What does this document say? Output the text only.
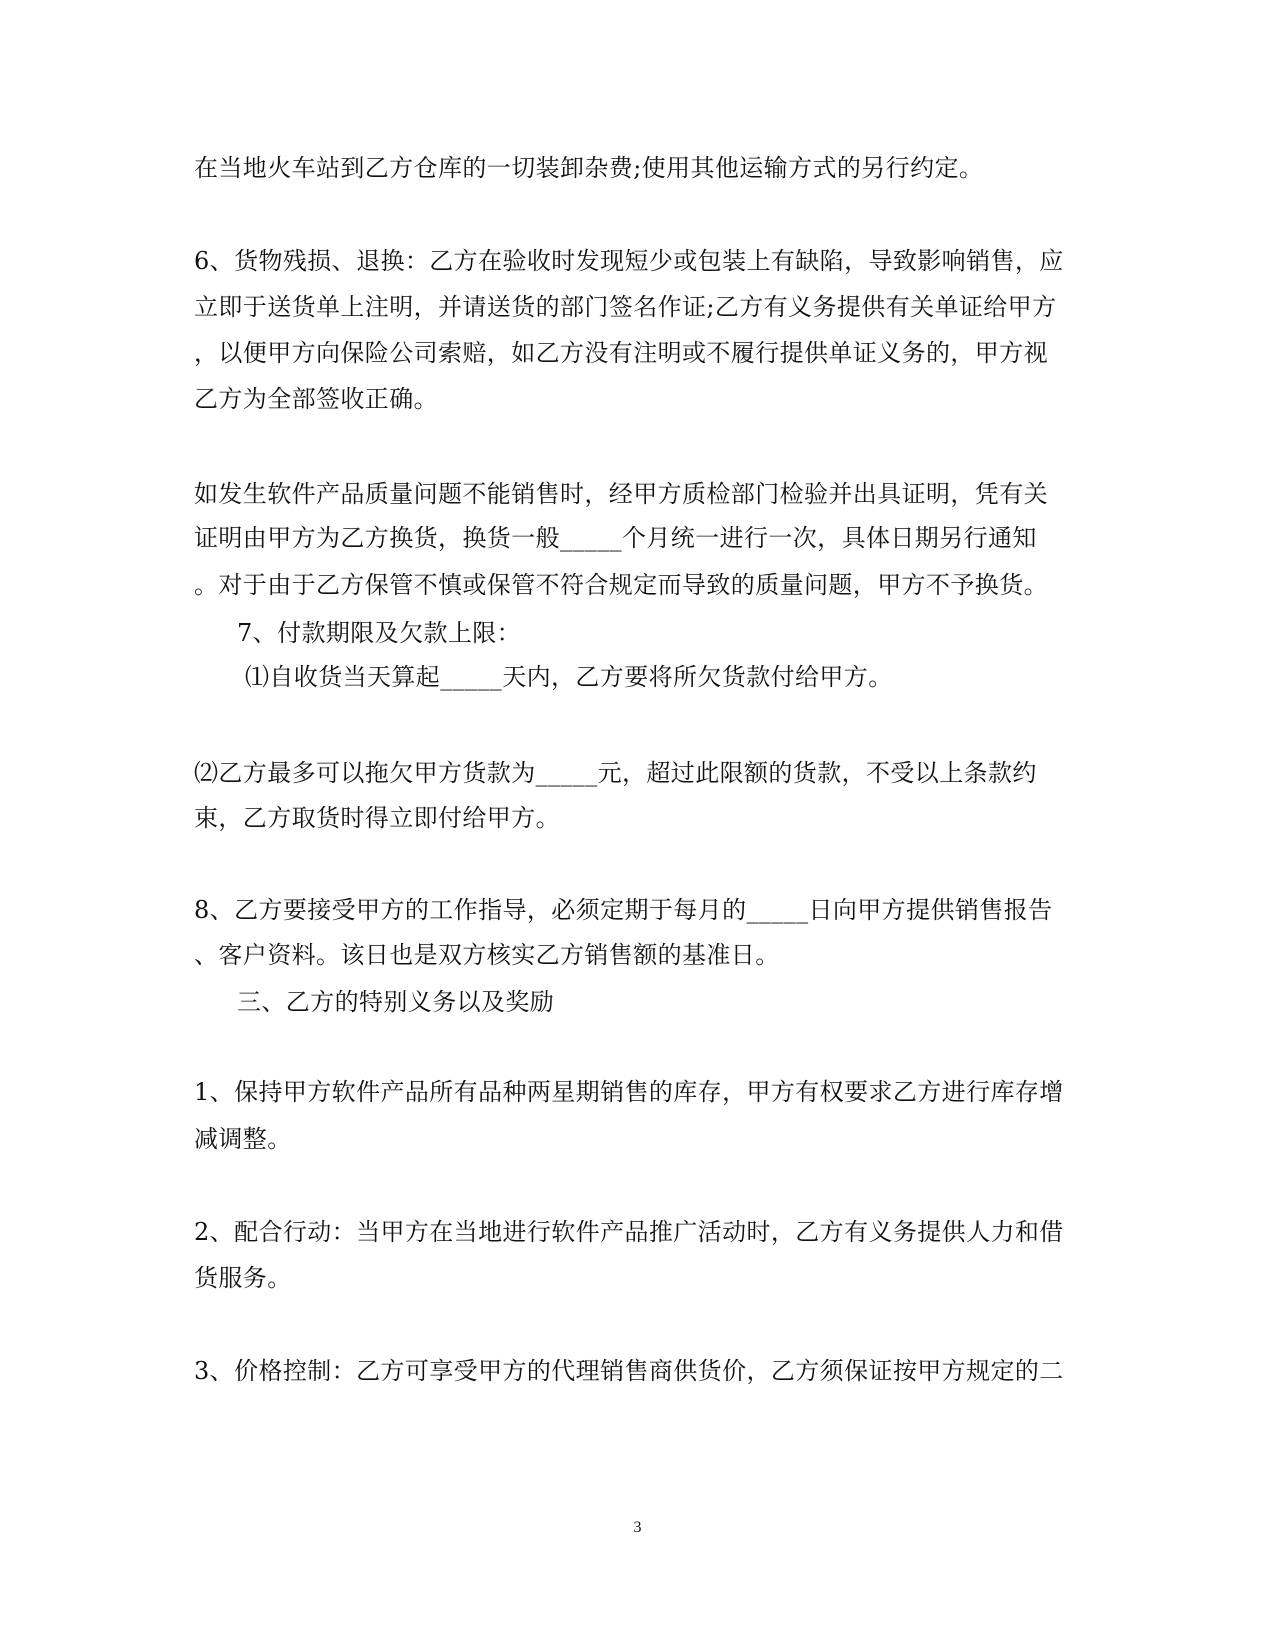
在当地火车站到乙方仓库的一切装卸杂费;使用其他运输方式的另行约定。
6、货物残损、退换：乙方在验收时发现短少或包装上有缺陷，导致影响销售，应
立即于送货单上注明，并请送货的部门签名作证;乙方有义务提供有关单证给甲方
，以便甲方向保险公司索赔，如乙方没有注明或不履行提供单证义务的，甲方视
乙方为全部签收正确。
如发生软件产品质量问题不能销售时，经甲方质检部门检验并出具证明，凭有关
证明由甲方为乙方换货，换货一般_____个月统一进行一次，具体日期另行通知
。对于由于乙方保管不慎或保管不符合规定而导致的质量问题，甲方不予换货。
7、付款期限及欠款上限：
⑴自收货当天算起_____天内，乙方要将所欠货款付给甲方。
⑵乙方最多可以拖欠甲方货款为_____元，超过此限额的货款，不受以上条款约
束，乙方取货时得立即付给甲方。
8、乙方要接受甲方的工作指导，必须定期于每月的_____日向甲方提供销售报告
、客户资料。该日也是双方核实乙方销售额的基准日。
三、乙方的特别义务以及奖励
1、保持甲方软件产品所有品种两星期销售的库存，甲方有权要求乙方进行库存增
减调整。
2、配合行动：当甲方在当地进行软件产品推广活动时，乙方有义务提供人力和借
货服务。
3、价格控制：乙方可享受甲方的代理销售商供货价，乙方须保证按甲方规定的二
3
